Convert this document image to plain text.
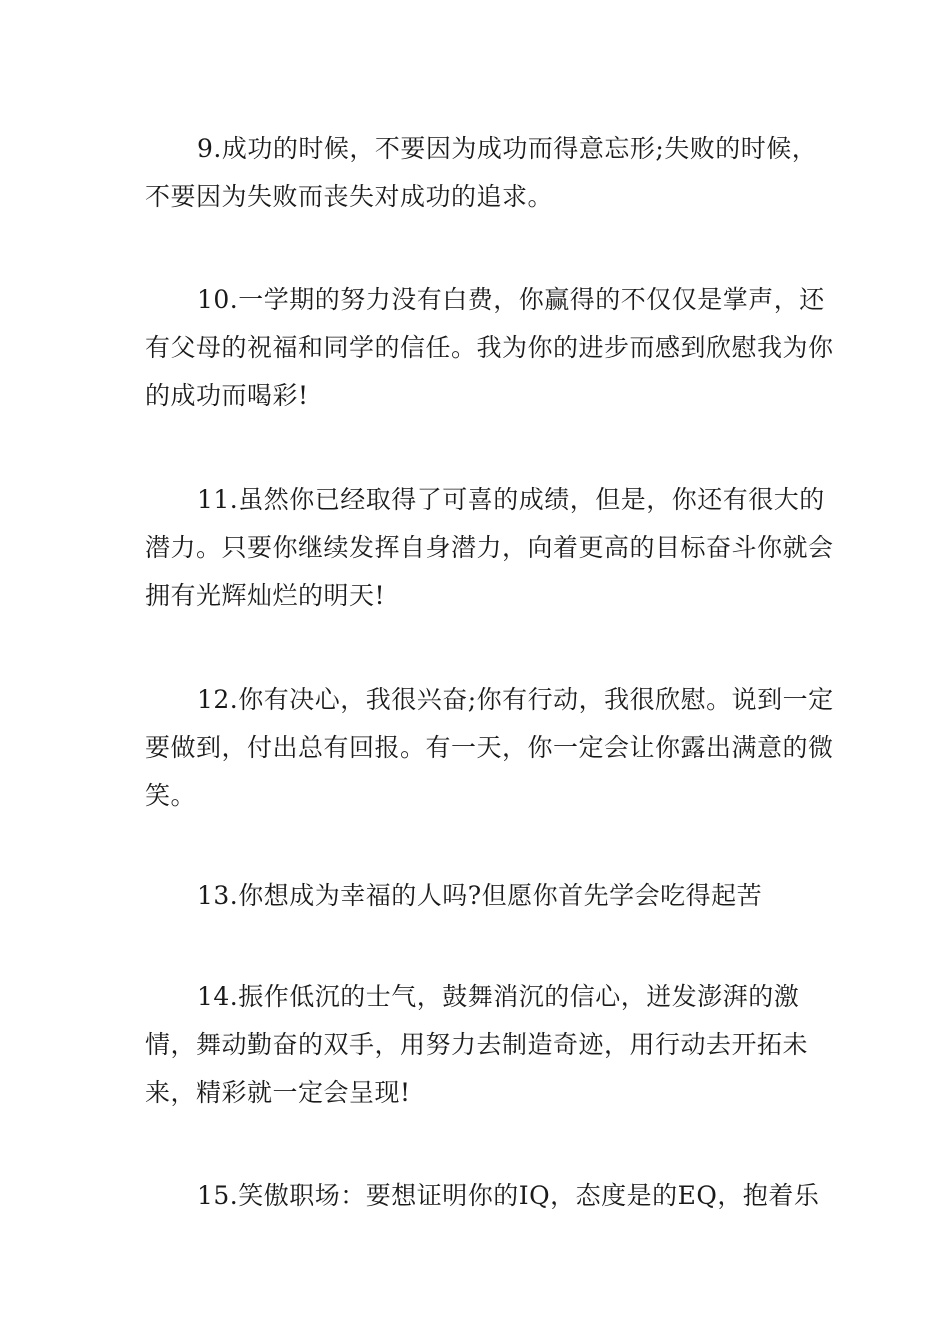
9.成功的时候，不要因为成功而得意忘形;失败的时候，不要因为失败而丧失对成功的追求。

10.一学期的努力没有白费，你赢得的不仅仅是掌声，还有父母的祝福和同学的信任。我为你的进步而感到欣慰我为你的成功而喝彩!

11.虽然你已经取得了可喜的成绩，但是，你还有很大的潜力。只要你继续发挥自身潜力，向着更高的目标奋斗你就会拥有光辉灿烂的明天!

12.你有决心，我很兴奋;你有行动，我很欣慰。说到一定要做到，付出总有回报。有一天，你一定会让你露出满意的微笑。

13.你想成为幸福的人吗?但愿你首先学会吃得起苦

14.振作低沉的士气，鼓舞消沉的信心，迸发澎湃的激情，舞动勤奋的双手，用努力去制造奇迹，用行动去开拓未来，精彩就一定会呈现!

15.笑傲职场：要想证明你的IQ，态度是的EQ，抱着乐
